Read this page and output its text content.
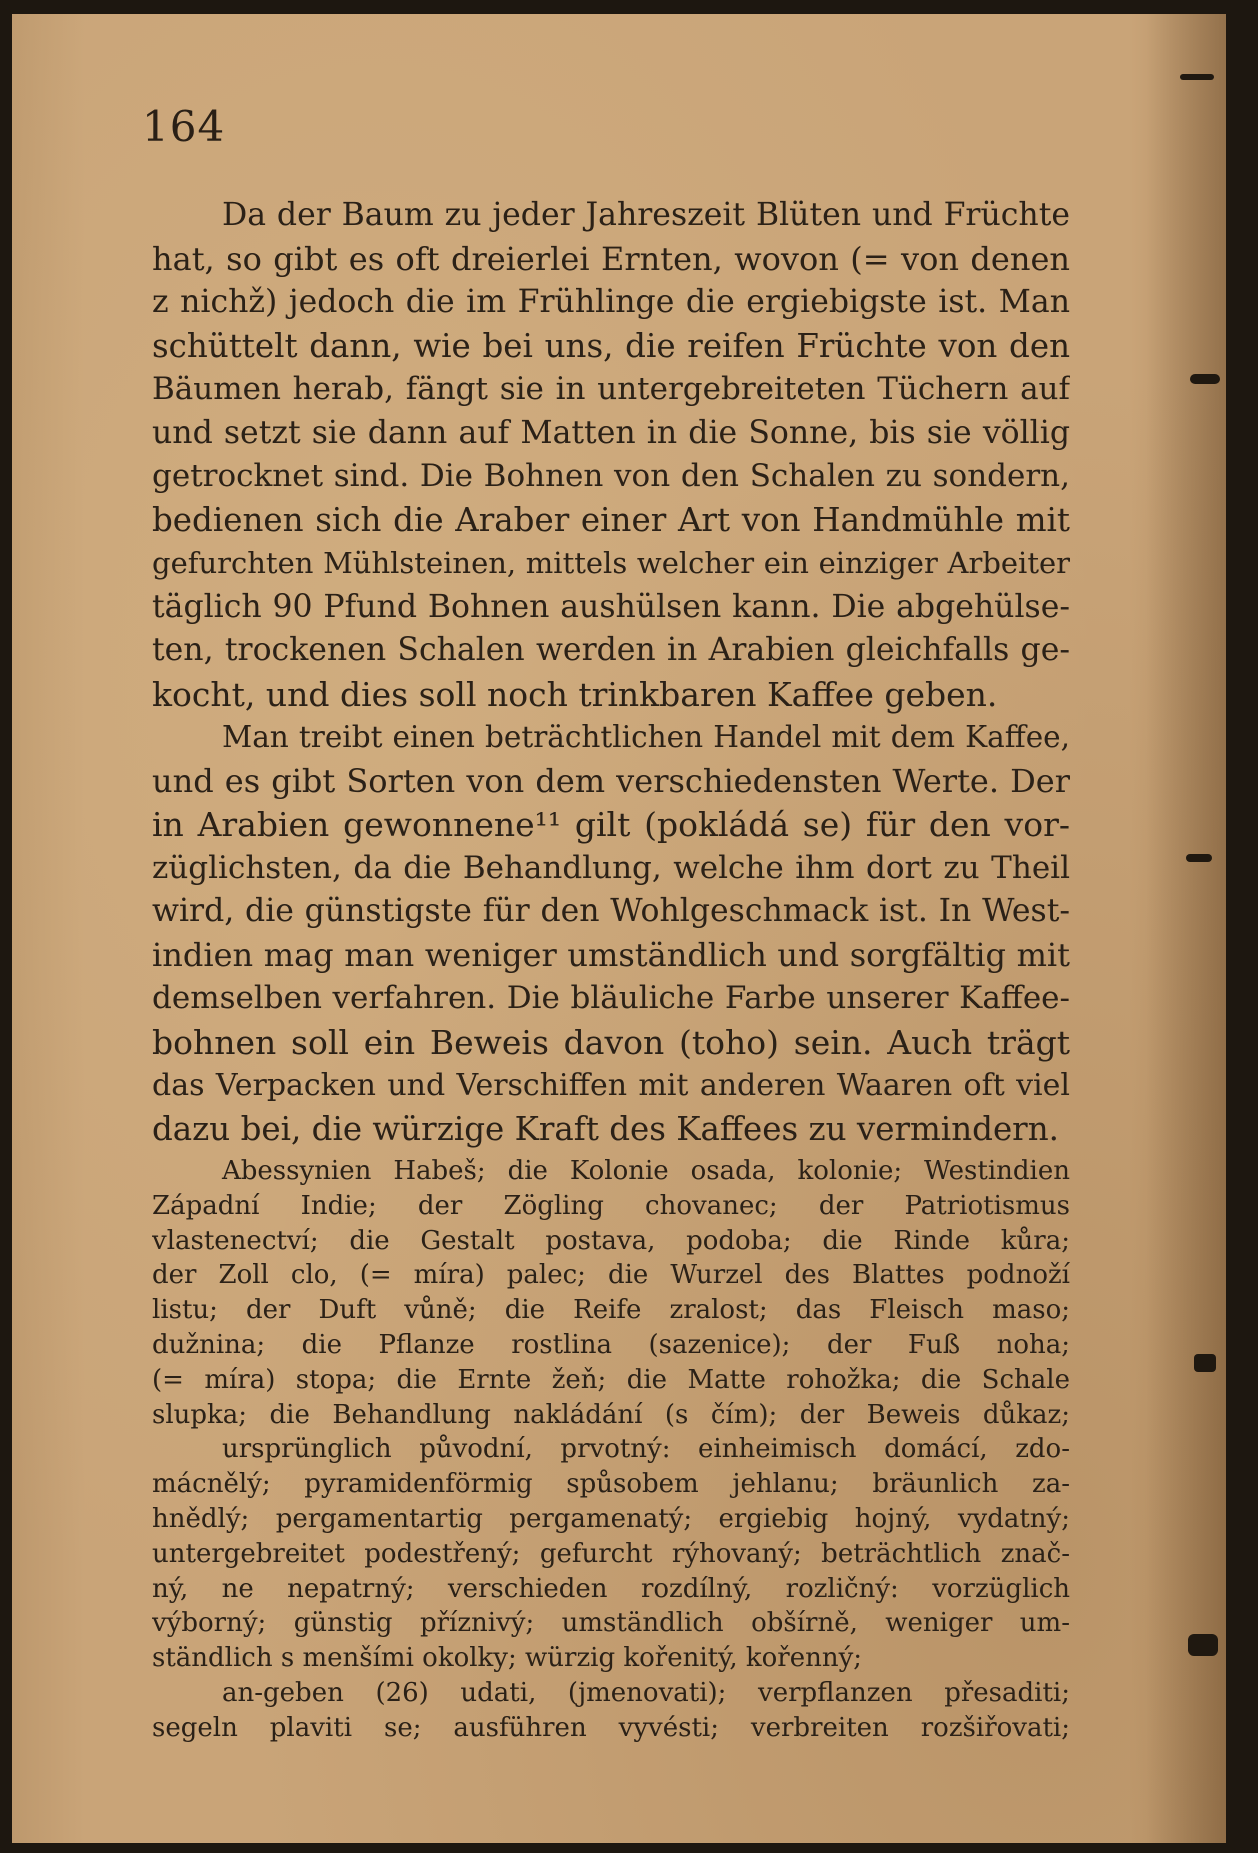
164
Da der Baum zu jeder Jahreszeit Blüten und Früchte
hat, so gibt es oft dreierlei Ernten, wovon (= von denen
z nichž) jedoch die im Frühlinge die ergiebigste ist. Man
schüttelt dann, wie bei uns, die reifen Früchte von den
Bäumen herab, fängt sie in untergebreiteten Tüchern auf
und setzt sie dann auf Matten in die Sonne, bis sie völlig
getrocknet sind. Die Bohnen von den Schalen zu sondern,
bedienen sich die Araber einer Art von Handmühle mit
gefurchten Mühlsteinen, mittels welcher ein einziger Arbeiter
täglich 90 Pfund Bohnen aushülsen kann. Die abgehülse-
ten, trockenen Schalen werden in Arabien gleichfalls ge-
kocht, und dies soll noch trinkbaren Kaffee geben.
Man treibt einen beträchtlichen Handel mit dem Kaffee,
und es gibt Sorten von dem verschiedensten Werte. Der
in Arabien gewonnene¹¹ gilt (pokládá se) für den vor-
züglichsten, da die Behandlung, welche ihm dort zu Theil
wird, die günstigste für den Wohlgeschmack ist. In West-
indien mag man weniger umständlich und sorgfältig mit
demselben verfahren. Die bläuliche Farbe unserer Kaffee-
bohnen soll ein Beweis davon (toho) sein. Auch trägt
das Verpacken und Verschiffen mit anderen Waaren oft viel
dazu bei, die würzige Kraft des Kaffees zu vermindern.
Abessynien Habeš; die Kolonie osada, kolonie; Westindien
Západní Indie; der Zögling chovanec; der Patriotismus
vlastenectví; die Gestalt postava, podoba; die Rinde kůra;
der Zoll clo, (= míra) palec; die Wurzel des Blattes podnoží
listu; der Duft vůně; die Reife zralost; das Fleisch maso;
dužnina; die Pflanze rostlina (sazenice); der Fuß noha;
(= míra) stopa; die Ernte žeň; die Matte rohožka; die Schale
slupka; die Behandlung nakládání (s čím); der Beweis důkaz;
ursprünglich původní, prvotný: einheimisch domácí, zdo-
mácnělý; pyramidenförmig spůsobem jehlanu; bräunlich za-
hnědlý; pergamentartig pergamenatý; ergiebig hojný, vydatný;
untergebreitet podestřený; gefurcht rýhovaný; beträchtlich znač-
ný, ne nepatrný; verschieden rozdílný, rozličný: vorzüglich
výborný; günstig příznivý; umständlich obšírně, weniger um-
ständlich s menšími okolky; würzig kořenitý, kořenný;
an-geben (26) udati, (jmenovati); verpflanzen přesaditi;
segeln plaviti se; ausführen vyvésti; verbreiten rozšiřovati;
